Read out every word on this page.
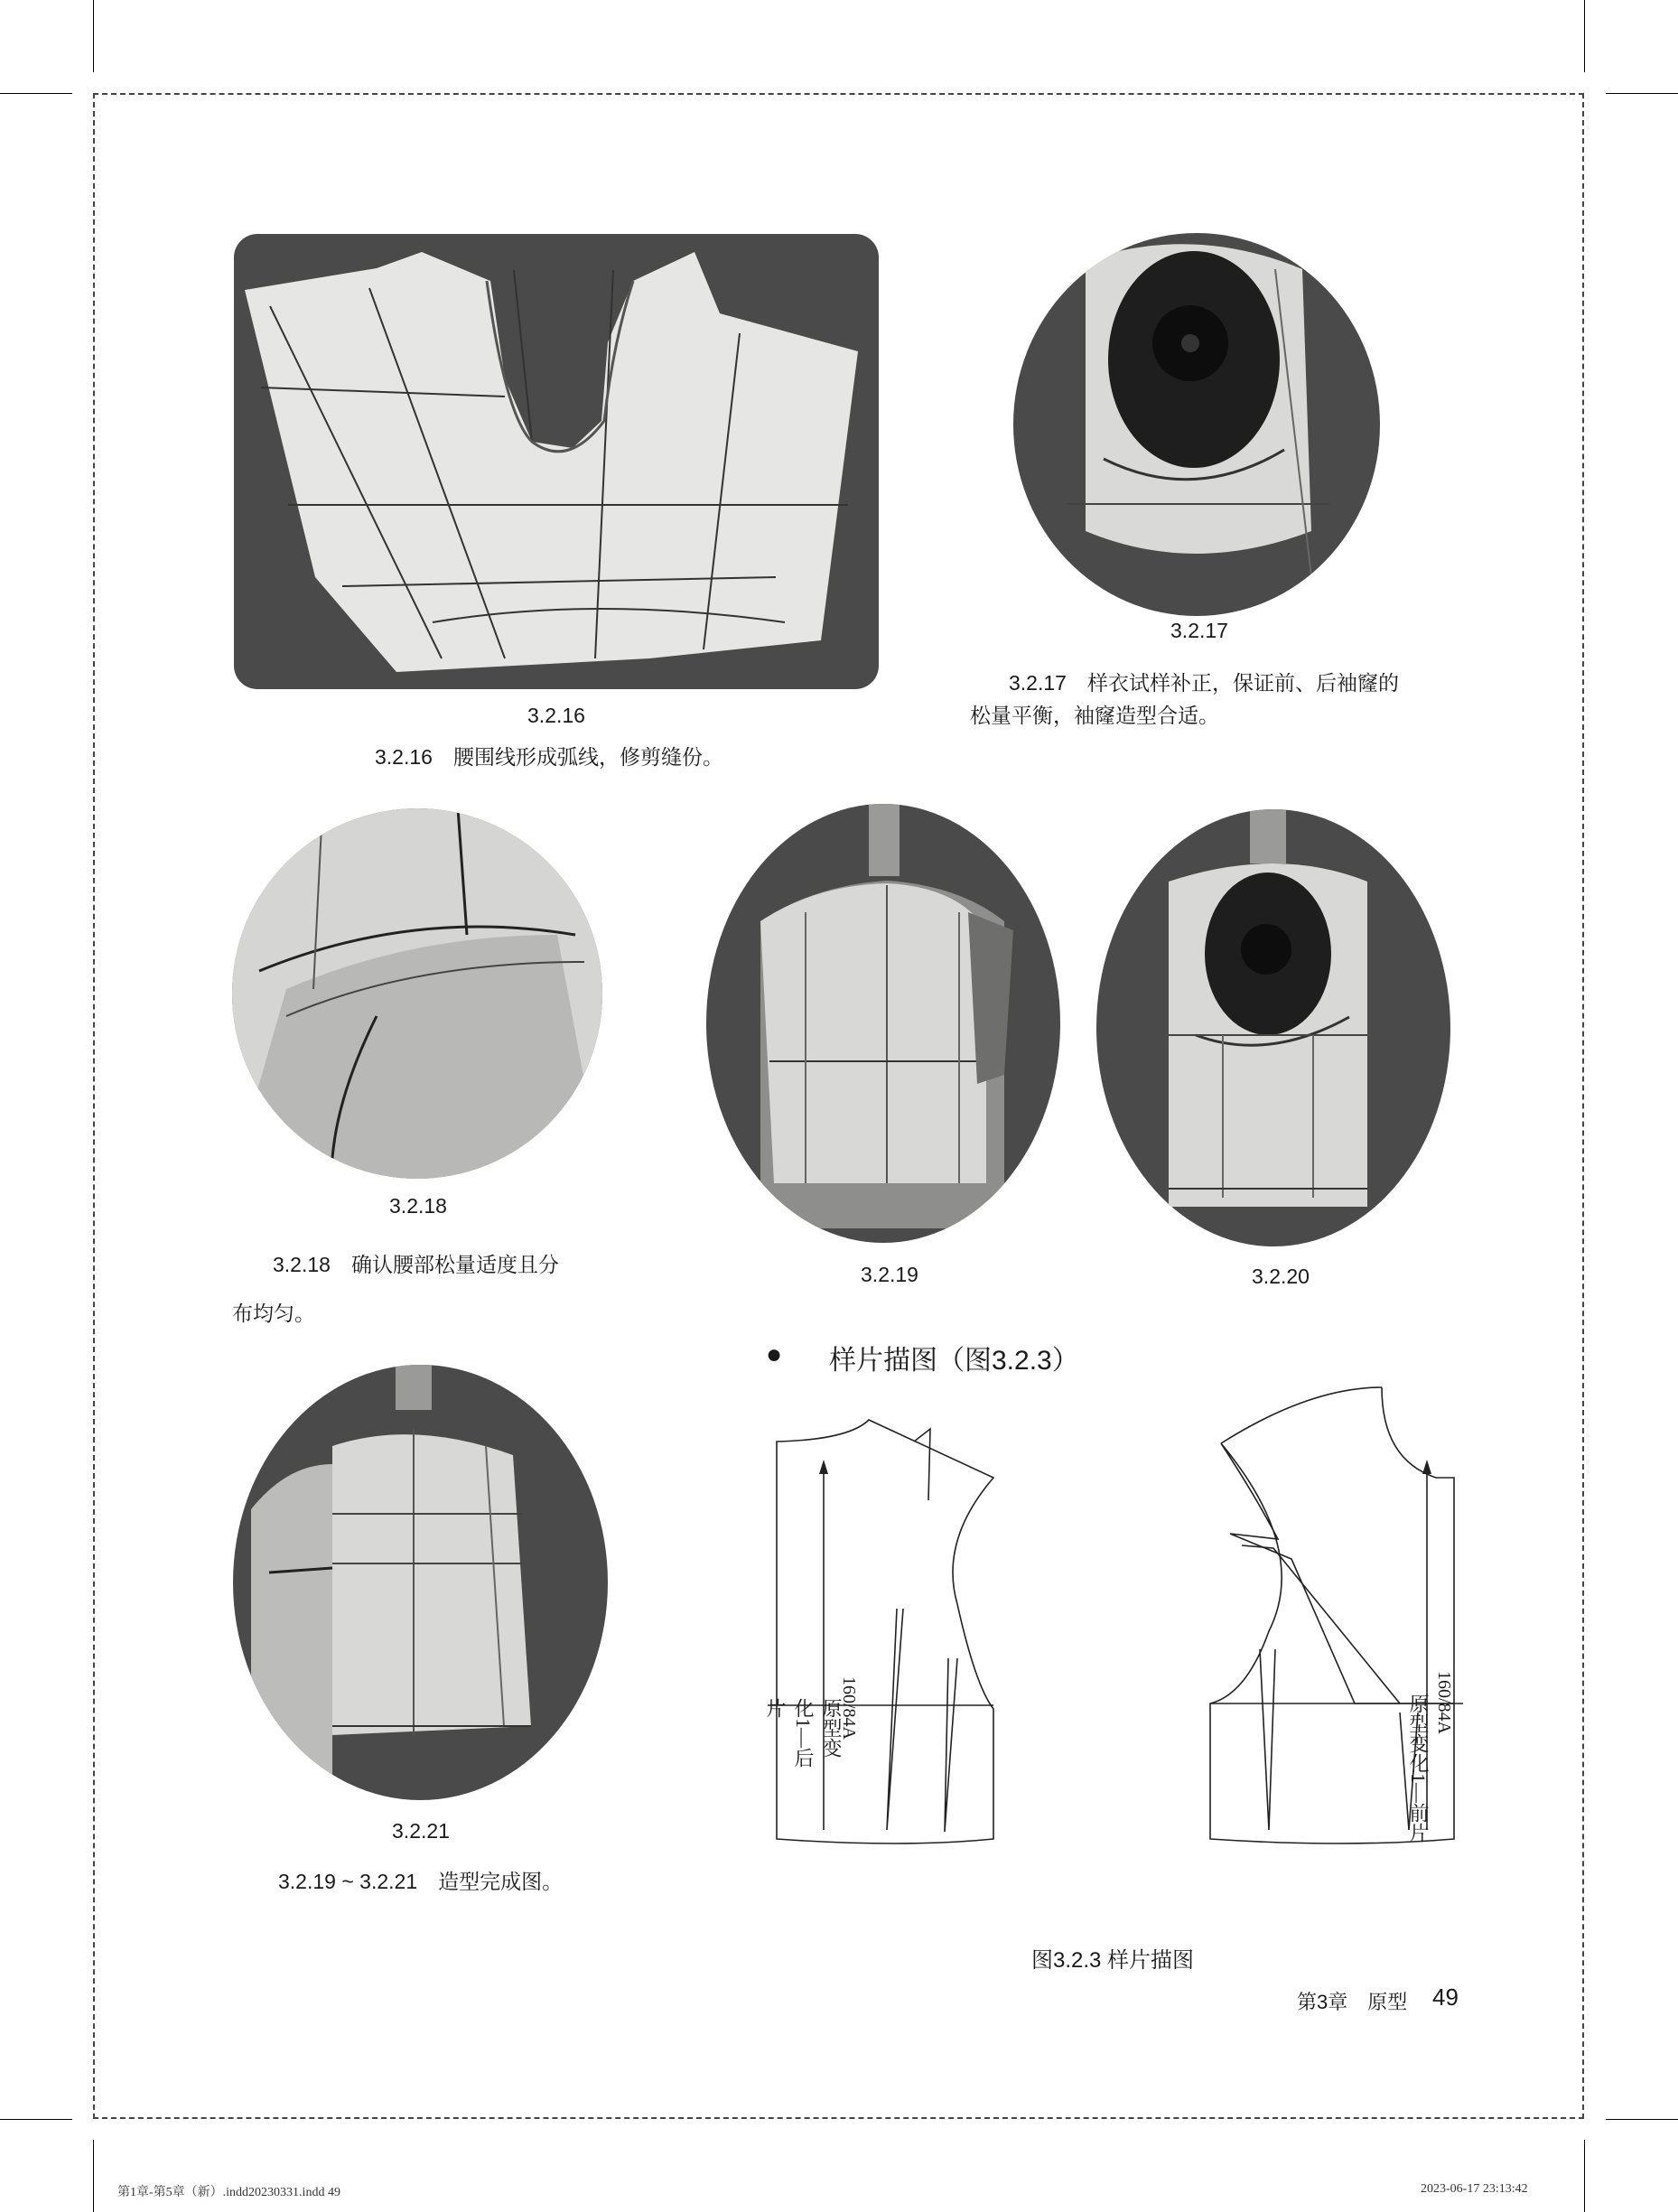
3.2.16
3.2.16　腰围线形成弧线，修剪缝份。
3.2.17
3.2.17　样衣试样补正，保证前、后袖窿的
松量平衡，袖窿造型合适。
3.2.18
3.2.18　确认腰部松量适度且分
布均匀。
3.2.19	3.2.20
3.2.21
3.2.19 ~ 3.2.21　造型完成图。
● 样片描图（图3.2.3）
原型变化1—后片	160/84A	原型变化1—前片 160/84A
图3.2.3 样片描图
第3章　原型 49
第1章-第5章（新）.indd20230331.indd 49	2023-06-17 23:13:42
